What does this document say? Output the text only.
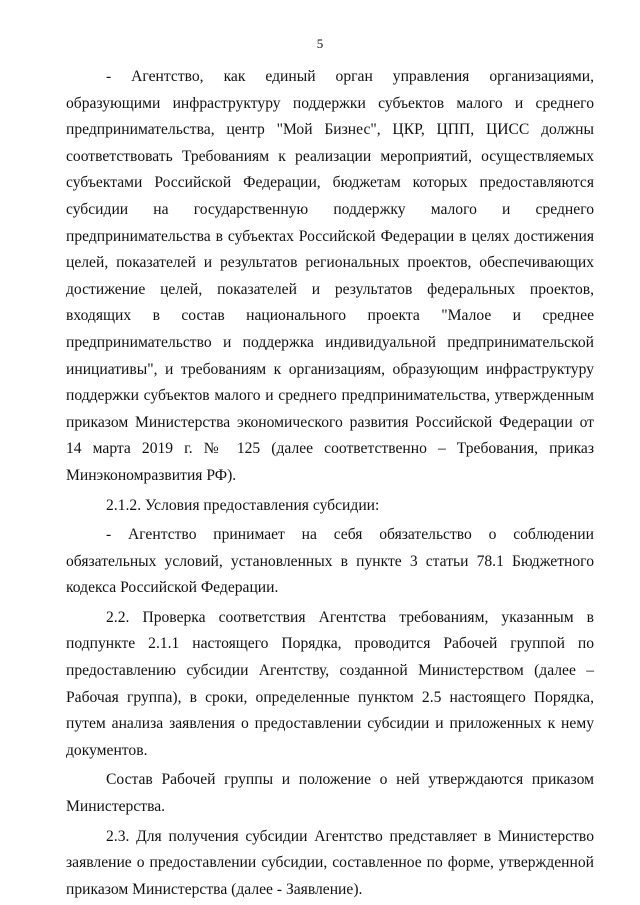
5

- Агентство, как единый орган управления организациями, образующими инфраструктуру поддержки субъектов малого и среднего предпринимательства, центр "Мой Бизнес", ЦКР, ЦПП, ЦИСС должны соответствовать Требованиям к реализации мероприятий, осуществляемых субъектами Российской Федерации, бюджетам которых предоставляются субсидии на государственную поддержку малого и среднего предпринимательства в субъектах Российской Федерации в целях достижения целей, показателей и результатов региональных проектов, обеспечивающих достижение целей, показателей и результатов федеральных проектов, входящих в состав национального проекта "Малое и среднее предпринимательство и поддержка индивидуальной предпринимательской инициативы", и требованиям к организациям, образующим инфраструктуру поддержки субъектов малого и среднего предпринимательства, утвержденным приказом Министерства экономического развития Российской Федерации от 14 марта 2019 г. № 125 (далее соответственно – Требования, приказ Минэкономразвития РФ).

2.1.2. Условия предоставления субсидии:

- Агентство принимает на себя обязательство о соблюдении обязательных условий, установленных в пункте 3 статьи 78.1 Бюджетного кодекса Российской Федерации.

2.2. Проверка соответствия Агентства требованиям, указанным в подпункте 2.1.1 настоящего Порядка, проводится Рабочей группой по предоставлению субсидии Агентству, созданной Министерством (далее – Рабочая группа), в сроки, определенные пунктом 2.5 настоящего Порядка, путем анализа заявления о предоставлении субсидии и приложенных к нему документов.

Состав Рабочей группы и положение о ней утверждаются приказом Министерства.

2.3. Для получения субсидии Агентство представляет в Министерство заявление о предоставлении субсидии, составленное по форме, утвержденной приказом Министерства (далее - Заявление).
